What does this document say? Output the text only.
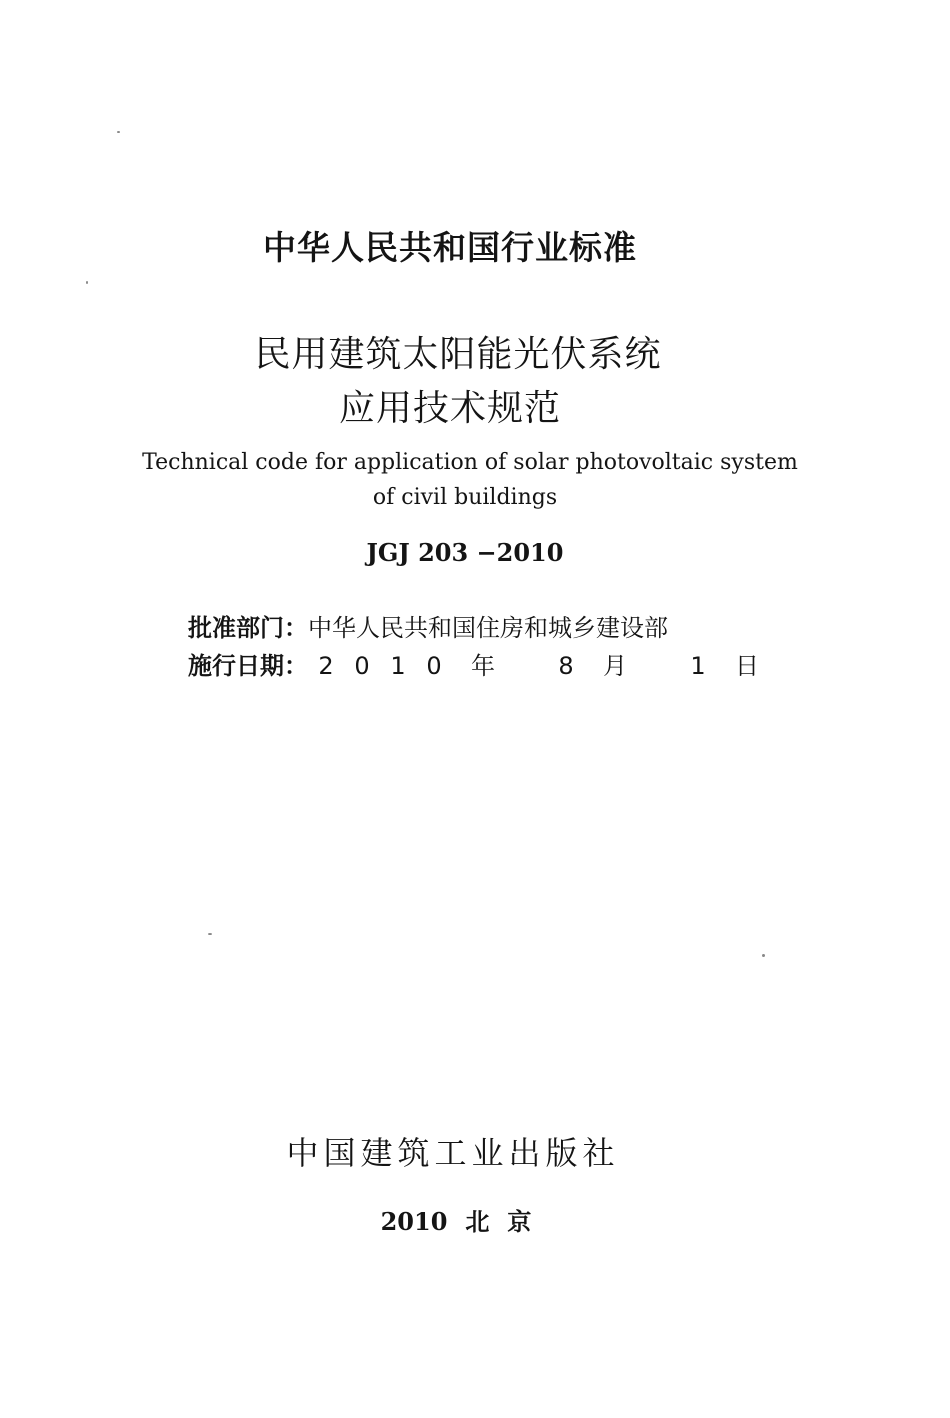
中华人民共和国行业标准
民用建筑太阳能光伏系统
应用技术规范
Technical code for application of solar photovoltaic system
of civil buildings
JGJ 203 −2010
批准部门：中华人民共和国住房和城乡建设部
施行日期： 2 0 1 0 年	8 月	1 日
中国建筑工业出版社
2010 北 京
